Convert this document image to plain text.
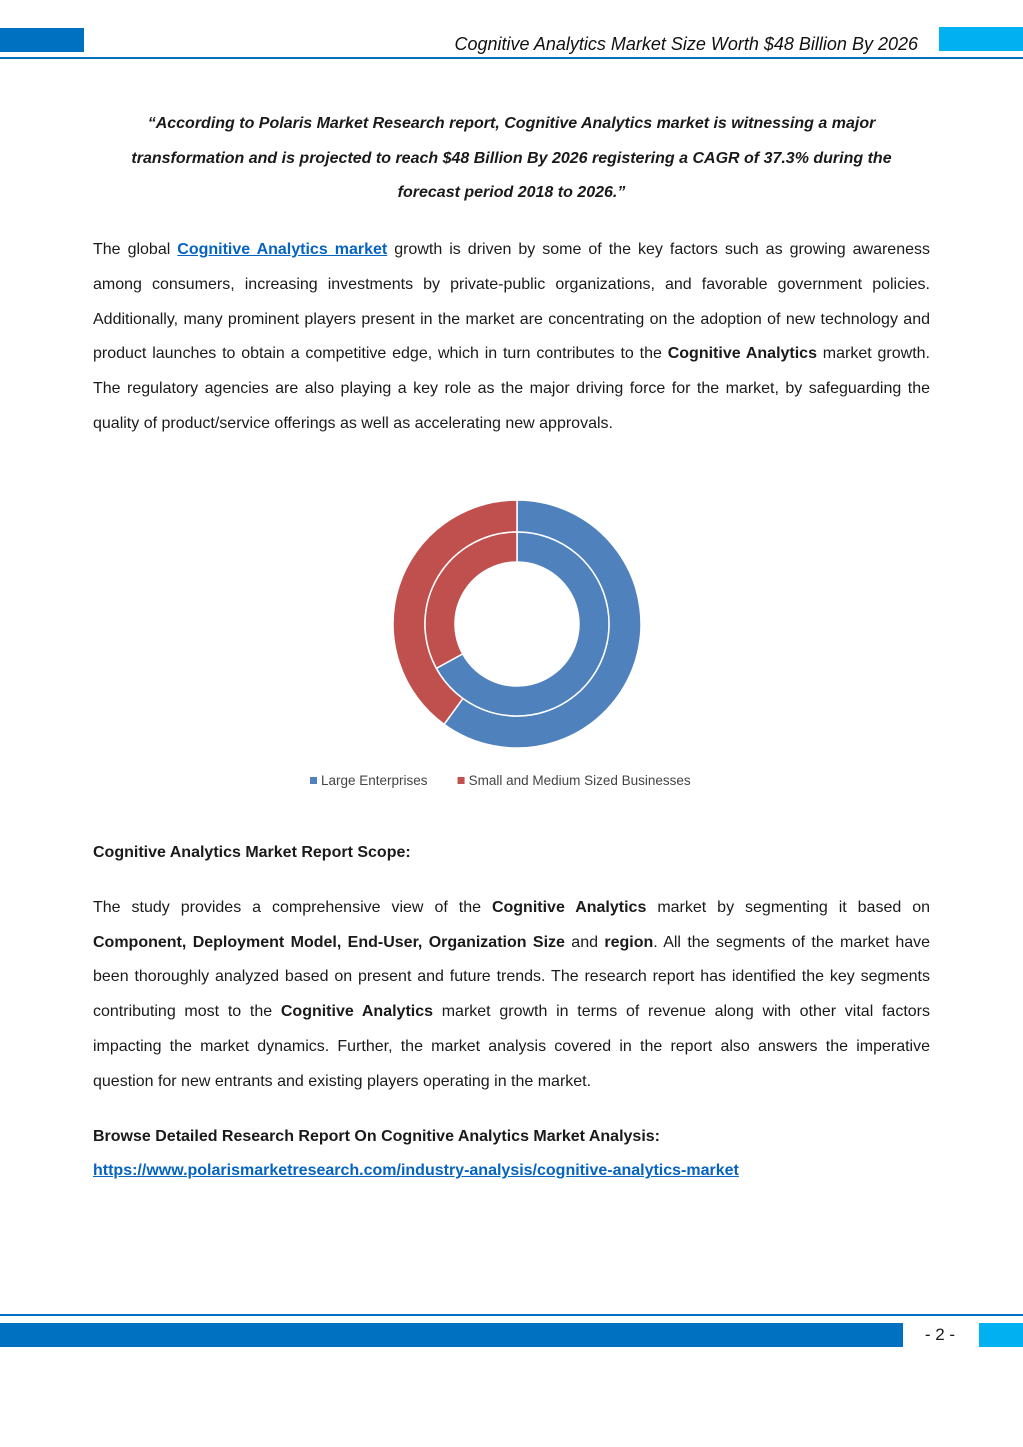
Cognitive Analytics Market Size Worth $48 Billion By 2026

“According to Polaris Market Research report, Cognitive Analytics market is witnessing a major transformation and is projected to reach $48 Billion By 2026 registering a CAGR of 37.3% during the forecast period 2018 to 2026.”

The global Cognitive Analytics market growth is driven by some of the key factors such as growing awareness among consumers, increasing investments by private-public organizations, and favorable government policies. Additionally, many prominent players present in the market are concentrating on the adoption of new technology and product launches to obtain a competitive edge, which in turn contributes to the Cognitive Analytics market growth. The regulatory agencies are also playing a key role as the major driving force for the market, by safeguarding the quality of product/service offerings as well as accelerating new approvals.

Large Enterprises	Small and Medium Sized Businesses
Cognitive Analytics Market Report Scope:
The study provides a comprehensive view of the Cognitive Analytics market by segmenting it based on Component, Deployment Model, End-User, Organization Size and region. All the segments of the market have been thoroughly analyzed based on present and future trends. The research report has identified the key segments contributing most to the Cognitive Analytics market growth in terms of revenue along with other vital factors impacting the market dynamics. Further, the market analysis covered in the report also answers the imperative question for new entrants and existing players operating in the market.
Browse Detailed Research Report On Cognitive Analytics Market Analysis:
https://www.polarismarketresearch.com/industry-analysis/cognitive-analytics-market
- 2 -
